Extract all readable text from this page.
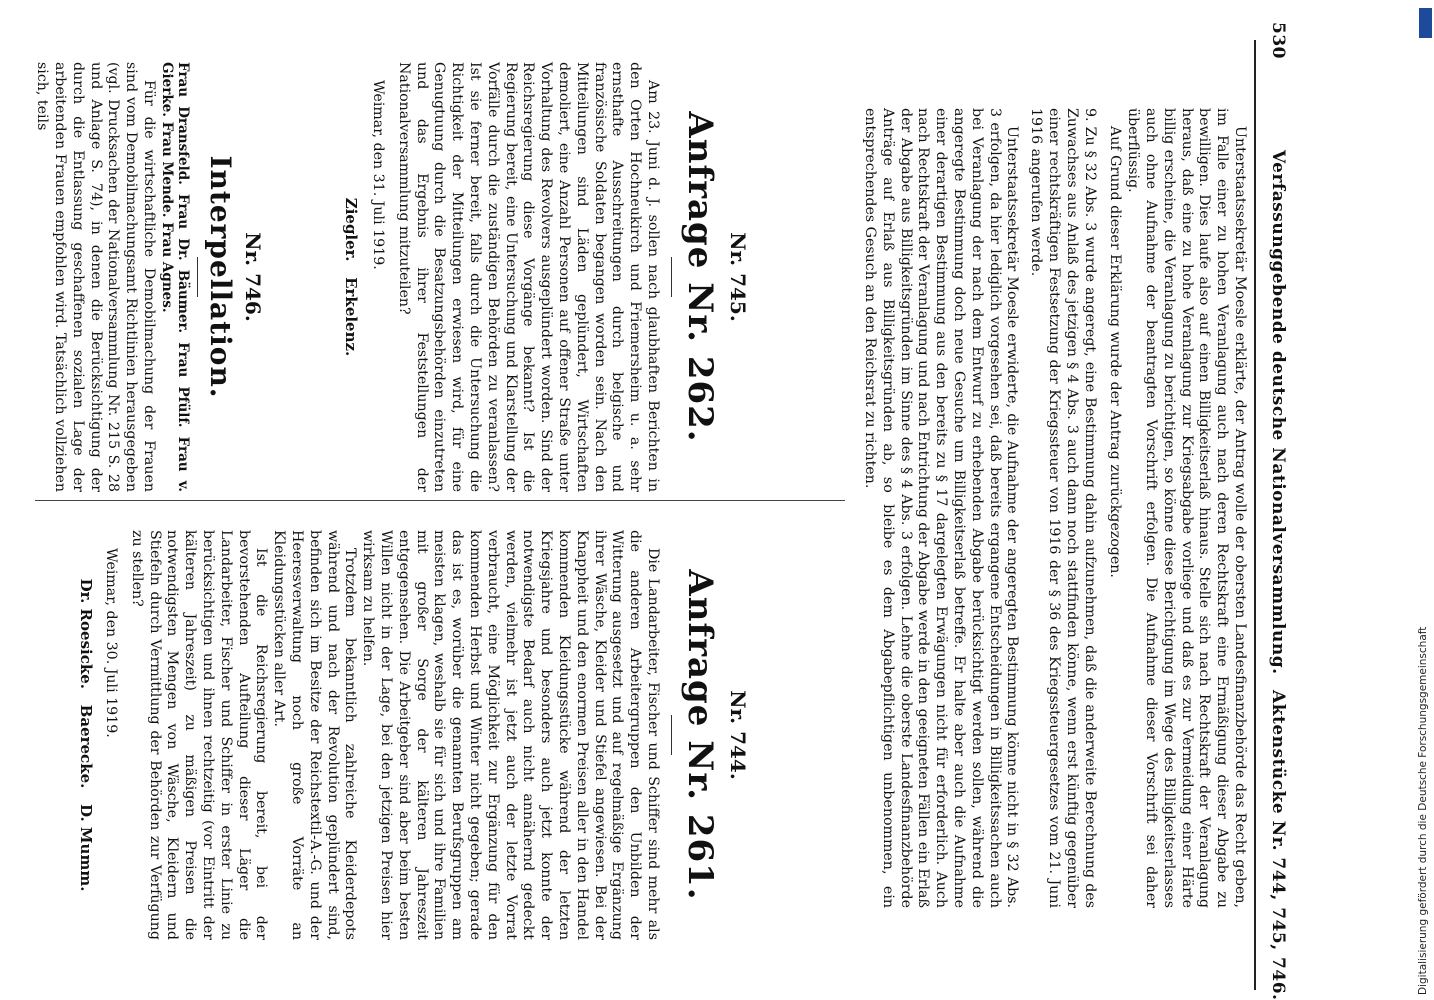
530
Verfassunggebende deutsche Nationalversammlung.
Aktenstücke Nr. 744, 745, 746.

Unterstaatssekretär Moesle erklärte, der Antrag wolle der obersten Landesfinanzbehörde das Recht geben, im Falle einer zu hohen Veranlagung auch nach deren Rechtskraft eine Ermäßigung dieser Abgabe zu bewilligen. Dies laufe also auf einen Billigkeitserlaß hinaus. Stelle sich nach Rechtskraft der Veranlagung heraus, daß eine zu hohe Veranlagung zur Kriegsabgabe vorliege und daß es zur Vermeidung einer Härte billig erscheine, die Veranlagung zu berichtigen, so könne diese Berichtigung im Wege des Billigkeitserlasses auch ohne Aufnahme der beantragten Vorschrift erfolgen. Die Aufnahme dieser Vorschrift sei daher überflüssig.

Auf Grund dieser Erklärung wurde der Antrag zurückgezogen.

9. Zu § 32 Abs. 3 wurde angeregt, eine Bestimmung dahin aufzunehmen, daß die anderweite Berechnung des Zuwachses aus Anlaß des jetzigen § 4 Abs. 3 auch dann noch stattfinden könne, wenn erst künftig gegenüber einer rechtskräftigen Festsetzung der Kriegssteuer von 1916 der § 36 des Kriegssteuergesetzes vom 21. Juni 1916 angerufen werde.

Unterstaatssekretär Moesle erwiderte, die Aufnahme der angeregten Bestimmung könne nicht in § 32 Abs. 3 erfolgen, da hier lediglich vorgesehen sei, daß bereits ergangene Entscheidungen in Billigkeitssachen auch bei Veranlagung der nach dem Entwurf zu erhebenden Abgabe berücksichtigt werden sollen, während die angeregte Bestimmung doch neue Gesuche um Billigkeitserlaß betreffe. Er halte aber auch die Aufnahme einer derartigen Bestimmung aus den bereits zu § 17 dargelegten Erwägungen nicht für erforderlich. Auch nach Rechtskraft der Veranlagung und nach Entrichtung der Abgabe werde in den geeigneten Fällen ein Erlaß der Abgabe aus Billigkeitsgründen im Sinne des § 4 Abs. 3 erfolgen. Lehne die oberste Landesfinanzbehörde Anträge auf Erlaß aus Billigkeitsgründen ab, so bleibe es dem Abgabepflichtigen unbenommen, ein entsprechendes Gesuch an den Reichsrat zu richten.

Nr. 744.
Anfrage Nr. 261.

Die Landarbeiter, Fischer und Schiffer sind mehr als die anderen Arbeitergruppen den Unbilden der Witterung ausgesetzt und auf regelmäßige Ergänzung ihrer Wäsche, Kleider und Stiefel angewiesen. Bei der Knappheit und den enormen Preisen aller in den Handel kommenden Kleidungsstücke während der letzten Kriegsjahre und besonders auch jetzt konnte der notwendigste Bedarf auch nicht annähernd gedeckt werden, vielmehr ist jetzt auch der letzte Vorrat verbraucht, eine Möglichkeit zur Ergänzung für den kommenden Herbst und Winter nicht gegeben; gerade das ist es, worüber die genannten Berufsgruppen am meisten klagen, weshalb sie für sich und ihre Familien mit großer Sorge der kälteren Jahreszeit entgegensehen. Die Arbeitgeber sind aber beim besten Willen nicht in der Lage, bei den jetzigen Preisen hier wirksam zu helfen.

Trotzdem bekanntlich zahlreiche Kleiderdepots während und nach der Revolution geplündert sind, befinden sich im Besitze der Reichstextil-A.-G. und der Heeresverwaltung noch große Vorräte an Kleidungsstücken aller Art.

Ist die Reichsregierung bereit, bei der bevorstehenden Aufteilung dieser Läger die Landarbeiter, Fischer und Schiffer in erster Linie zu berücksichtigen und ihnen rechtzeitig (vor Eintritt der kälteren Jahreszeit) zu mäßigen Preisen die notwendigsten Mengen von Wäsche, Kleidern und Stiefeln durch Vermittlung der Behörden zur Verfügung zu stellen?

Weimar, den 30. Juli 1919.
Dr. Roesicke.   Baerecke.   D. Mumm.
Nr. 745.
Anfrage Nr. 262.

Am 23. Juni d. J. sollen nach glaubhaften Berichten in den Orten Hochneukirch und Friemersheim u. a. sehr ernsthafte Ausschreitungen durch belgische und französische Soldaten begangen worden sein. Nach den Mitteilungen sind Läden geplündert, Wirtschaften demoliert, eine Anzahl Personen auf offener Straße unter Vorhaltung des Revolvers ausgeplündert worden. Sind der Reichsregierung diese Vorgänge bekannt? Ist die Regierung bereit, eine Untersuchung und Klarstellung der Vorfälle durch die zuständigen Behörden zu veranlassen? Ist sie ferner bereit, falls durch die Untersuchung die Richtigkeit der Mitteilungen erwiesen wird, für eine Genugtuung durch die Besatzungsbehörden einzutreten und das Ergebnis ihrer Feststellungen der Nationalversammlung mitzuteilen?

Weimar, den 31. Juli 1919.
Ziegler.   Erkelenz.
Nr. 746.
Interpellation.
Frau Dransfeld. Frau Dr. Bäumer. Frau Pfülf. Frau v. Gierke. Frau Mende. Frau Agnes.

Für die wirtschaftliche Demobilmachung der Frauen sind vom Demobilmachungsamt Richtlinien herausgegeben (vgl. Drucksachen der Nationalversammlung Nr. 215 S. 28 und Anlage S. 74), in denen die Berücksichtigung der durch die Entlassung geschaffenen sozialen Lage der arbeitenden Frauen empfohlen wird. Tatsächlich vollziehen sich, teils

Digitalisierung gefördert durch die Deutsche Forschungsgemeinschaft
